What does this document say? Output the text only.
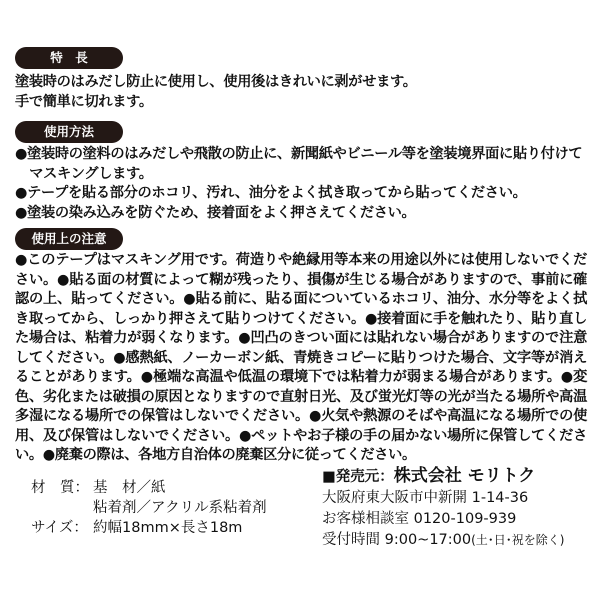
特　長

塗装時のはみだし防止に使用し、使用後はきれいに剥がせます。

手で簡単に切れます。

使用方法

●塗装時の塗料のはみだしや飛散の防止に、新聞紙やビニール等を塗装境界面に貼り付けてマスキングします。

●テープを貼る部分のホコリ、汚れ、油分をよく拭き取ってから貼ってください。

●塗装の染み込みを防ぐため、接着面をよく押さえてください。

使用上の注意
●このテープはマスキング用です。荷造りや絶縁用等本来の用途以外には使用しないでください。●貼る面の材質によって糊が残ったり、損傷が生じる場合がありますので、事前に確認の上、貼ってください。●貼る前に、貼る面についているホコリ、油分、水分等をよく拭き取ってから、しっかり押さえて貼りつけてください。●接着面に手を触れたり、貼り直した場合は、粘着力が弱くなります。●凹凸のきつい面には貼れない場合がありますので注意してください。●感熱紙、ノーカーボン紙、青焼きコピーに貼りつけた場合、文字等が消えることがあります。●極端な高温や低温の環境下では粘着力が弱まる場合があります。●変色、劣化または破損の原因となりますので直射日光、及び蛍光灯等の光が当たる場所や高温多湿になる場所での保管はしないでください。●火気や熱源のそばや高温になる場所での使用、及び保管はしないでください。●ペットやお子様の手の届かない場所に保管してください。●廃棄の際は、各地方自治体の廃棄区分に従ってください。
材　質： 基　材／紙
粘着剤／アクリル系粘着剤
サイズ： 約幅18mm×長さ18m
■発売元：株式会社 モリトク
大阪府東大阪市中新開 1-14-36
お客様相談室 0120-109-939
受付時間 9:00~17:00(土･日･祝を除く)
